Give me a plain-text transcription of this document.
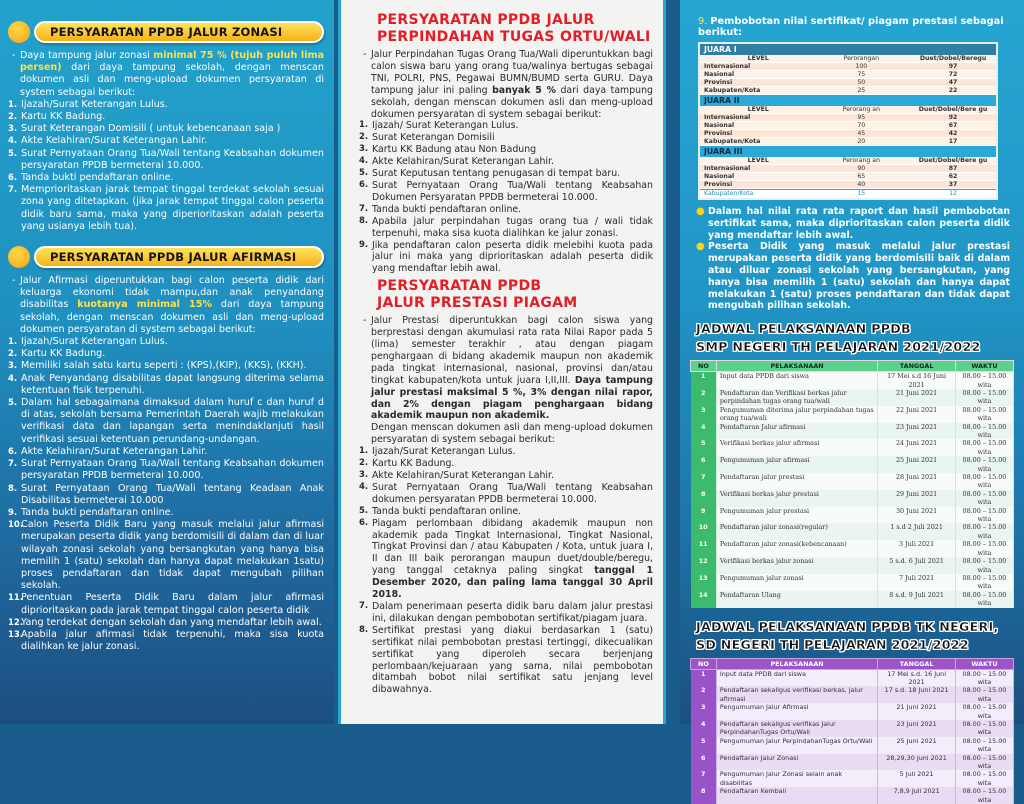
PERSYARATAN PPDB JALUR ZONASI
- Daya tampung jalur zonasi minimal 75 % (tujuh puluh lima persen) dari daya tampung sekolah, dengan menscan dokumen asli dan meng-upload dokumen persyaratan di system sebagai berikut:
1. Ijazah/Surat Keterangan Lulus.
2. Kartu KK Badung.
3. Surat Keterangan Domisili ( untuk kebencanaan saja )
4. Akte Kelahiran/Surat Keterangan Lahir.
5. Surat Pernyataan Orang Tua/Wali tentang Keabsahan dokumen persyaratan PPDB bermeterai 10.000.
6. Tanda bukti pendaftaran online.
7. Memprioritaskan jarak tempat tinggal terdekat sekolah sesuai zona yang ditetapkan. (jika jarak tempat tinggal calon peserta didik baru sama, maka yang diperioritaskan adalah peserta yang usianya lebih tua).
PERSYARATAN PPDB JALUR AFIRMASI
- Jalur Afirmasi diperuntukkan bagi calon peserta didik dari keluarga ekonomi tidak mampu,dan anak penyandang disabilitas kuotanya minimal 15% dari daya tampung sekolah, dengan menscan dokumen asli dan meng-upload dokumen persyaratan di system sebagai berikut:
1. Ijazah/Surat Keterangan Lulus.
2. Kartu KK Badung.
3. Memiliki salah satu kartu seperti : (KPS),(KIP), (KKS), (KKH).
4. Anak Penyandang disabilitas dapat langsung diterima selama ketentuan fisik terpenuhi.
5. Dalam hal sebagaimana dimaksud dalam huruf c dan huruf d di atas, sekolah bersama Pemerintah Daerah wajib melakukan verifikasi data dan lapangan serta menindaklanjuti hasil verifikasi sesuai ketentuan perundang-undangan.
6. Akte Kelahiran/Surat Keterangan Lahir.
7. Surat Pernyataan Orang Tua/Wali tentang Keabsahan dokumen persyaratan PPDB bermeterai 10.000.
8. Surat Pernyataan Orang Tua/Wali tentang Keadaan Anak Disabilitas bermeterai 10.000
9. Tanda bukti pendaftaran online.
10.
Calon Peserta Didik Baru yang masuk melalui jalur afirmasi merupakan peserta didik yang berdomisili di dalam dan di luar wilayah zonasi sekolah yang bersangkutan yang hanya bisa memilih 1 (satu) sekolah dan hanya dapat melakukan 1satu) proses pendaftaran dan tidak dapat mengubah pilihan sekolah.
11.
Penentuan Peserta Didik Baru dalam jalur afirmasi diprioritaskan pada jarak tempat tinggal calon peserta didik
12.
Yang terdekat dengan sekolah dan yang mendaftar lebih awal.
13.
Apabila jalur afirmasi tidak terpenuhi, maka sisa kuota dialihkan ke jalur zonasi.
PERSYARATAN PPDB JALUR
PERPINDAHAN TUGAS ORTU/WALI
- Jalur Perpindahan Tugas Orang Tua/Wali diperuntukkan bagi calon siswa baru yang orang tua/walinya bertugas sebagai TNI, POLRI, PNS, Pegawai BUMN/BUMD serta GURU. Daya tampung jalur ini paling banyak 5 % dari daya tampung sekolah, dengan menscan dokumen asli dan meng-upload dokumen persyaratan di system sebagai berikut:
1. Ijazah/ Surat Keterangan Lulus.
2. Surat Keterangan Domisili
3. Kartu KK Badung atau Non Badung
4. Akte Kelahiran/Surat Keterangan Lahir.
5. Surat Keputusan tentang penugasan di tempat baru.
6. Surat Pernyataan Orang Tua/Wali tentang Keabsahan Dokumen Persyaratan PPDB bermeterai 10.000.
7. Tanda bukti pendaftaran online.
8. Apabila jalur perpindahan tugas orang tua / wali tidak terpenuhi, maka sisa kuota dialihkan ke jalur zonasi.
9. Jika pendaftaran calon peserta didik melebihi kuota pada jalur ini maka yang diprioritaskan adalah peserta didik yang mendaftar lebih awal.
PERSYARATAN PPDB
JALUR PRESTASI PIAGAM
- Jalur Prestasi diperuntukkan bagi calon siswa yang berprestasi dengan akumulasi rata rata Nilai Rapor pada 5 (lima) semester terakhir , atau dengan piagam penghargaan di bidang akademik maupun non akademik pada tingkat internasional, nasional, provinsi dan/atau tingkat kabupaten/kota untuk juara I,II,III. Daya tampung jalur prestasi maksimal 5 %, 3% dengan nilai rapor, dan 2% dengan piagam penghargaan bidang akademik maupun non akademik.
Dengan menscan dokumen asli dan meng-upload dokumen persyaratan di system sebagai berikut:
1. Ijazah/Surat Keterangan Lulus.
2. Kartu KK Badung.
3. Akte Kelahiran/Surat Keterangan Lahir.
4. Surat Pernyataan Orang Tua/Wali tentang Keabsahan dokumen persyaratan PPDB bermeterai 10.000.
5. Tanda bukti pendaftaran online.
6. Piagam perlombaan dibidang akademik maupun non akademik pada Tingkat Internasional, Tingkat Nasional, Tingkat Provinsi dan / atau Kabupaten / Kota, untuk juara I, II dan III baik perorangan maupun duet/double/beregu, yang tanggal cetaknya paling singkat tanggal 1 Desember 2020, dan paling lama tanggal 30 April 2018.
7. Dalam penerimaan peserta didik baru dalam jalur prestasi ini, dilakukan dengan pembobotan sertifikat/piagam juara.
8. Sertifikat prestasi yang diakui berdasarkan 1 (satu) sertifikat nilai pembobotan prestasi tertinggi, dikecualikan sertifikat yang diperoleh secara berjenjang perlombaan/kejuaraan yang sama, nilai pembobotan ditambah bobot nilai sertifikat satu jenjang level dibawahnya.
9. Pembobotan nilai sertifikat/ piagam prestasi sebagai berikut:
JUARA I
LEVEL	Perorangan	Duet/Dobel/Beregu
Internasional	100	97
Nasional	75	72
Provinsi	50	47
Kabupaten/Kota	25	22
JUARA II
LEVEL	Perorang an	Duet/Dobel/Bere gu
Internasional	95	92
Nasional	70	67
Provinsi	45	42
Kabupaten/Kota	20	17
JUARA III
LEVEL	Perorang an	Duet/Dobel/Bere gu
Internasional	90	87
Nasional	65	62
Provinsi	40	37
Kabupaten/Kota	15	12
● Dalam hal nilai rata rata raport dan hasil pembobotan sertifikat sama, maka diprioritaskan calon peserta didik yang mendaftar lebih awal.
● Peserta Didik yang masuk melalui jalur prestasi merupakan peserta didik yang berdomisili baik di dalam atau diluar zonasi sekolah yang bersangkutan, yang hanya bisa memilih 1 (satu) sekolah dan hanya dapat melakukan 1 (satu) proses pendaftaran dan tidak dapat mengubah pilihan sekolah.
JADWAL PELAKSANAAN PPDB
SMP NEGERI TH PELAJARAN 2021/2022
NO	PELAKSANAAN	TANGGAL	WAKTU
1	Input data PPDB dari siswa	17 Mei s.d 16 Juni 2021	08.00 – 15.00 wita
2	Pendaftaran dan Verifikasi berkas jalur perpindahan tugas orang tua/wali	21 Juni 2021	08.00 – 15.00 wita
3	Pengumuman diterima jalur perpindahan tugas orang tua/wali	22 Juni 2021	08.00 – 15.00 wita
4	Pendaftaran Jalur afirmasi	23 Juni 2021	08.00 – 15.00 wita
5	Verifikasi berkas jalur afirmasi	24 Juni 2021	08.00 – 15.00 wita
6	Pengumuman jalur afirmasi	25 Juni 2021	08.00 – 15.00 wita
7	Pendaftaran jalur prestasi	28 Juni 2021	08.00 – 15.00 wita
8	Verifikasi berkas jalur prestasi	29 Juni 2021	08.00 – 15.00 wita
9	Pengumuman jalur prestasi	30 Juni 2021	08.00 – 15.00 wita
10	Pendaftaran jalur zonasi(regular)	1 s.d 2 Juli 2021	08.00 – 15.00 wita
11	Pendaftaran jalur zonasi(kebencanaan)	3 Juli 2021	08.00 – 15.00 wita
12	Verifikasi berkas jalur zonasi	5 s.d. 6 Juli 2021	08.00 – 15.00 wita
13	Pengumuman jalur zonasi	7 Juli 2021	08.00 – 15.00 wita
14	Pendaftaran Ulang	8 s.d. 9 Juli 2021	08.00 – 15.00 wita
JADWAL PELAKSANAAN PPDB TK NEGERI,
SD NEGERI TH PELAJARAN 2021/2022
NO	PELAKSANAAN	TANGGAL	WAKTU
1	Input data PPDB dari siswa	17 Mei s.d. 16 Juni 2021	08.00 – 15.00 wita
2	Pendaftaran sekaligus verifikasi berkas, jalur afirmasi	17 s.d. 18 Juni 2021	08.00 – 15.00 wita
3	Pengumuman Jalur Afirmasi	21 Juni 2021	08.00 – 15.00 wita
4	Pendaftaran sekaligus verifikas Jalur PerpindahanTugas Ortu/Wali	23 Juni 2021	08.00 – 15.00 wita
5	Pengumuman Jalur PerpindahanTugas Ortu/Wali	25 Juni 2021	08.00 – 15.00 wita
6	Pendaftaran Jalur Zonasi	28,29,30 Juni 2021	08.00 – 15.00 wita
7	Pengumuman Jalur Zonasi selain anak disabilitas	5 Juli 2021	08.00 – 15.00 wita
8	Pendaftaran Kembali	7,8,9 Juli 2021	08.00 – 15.00 wita
